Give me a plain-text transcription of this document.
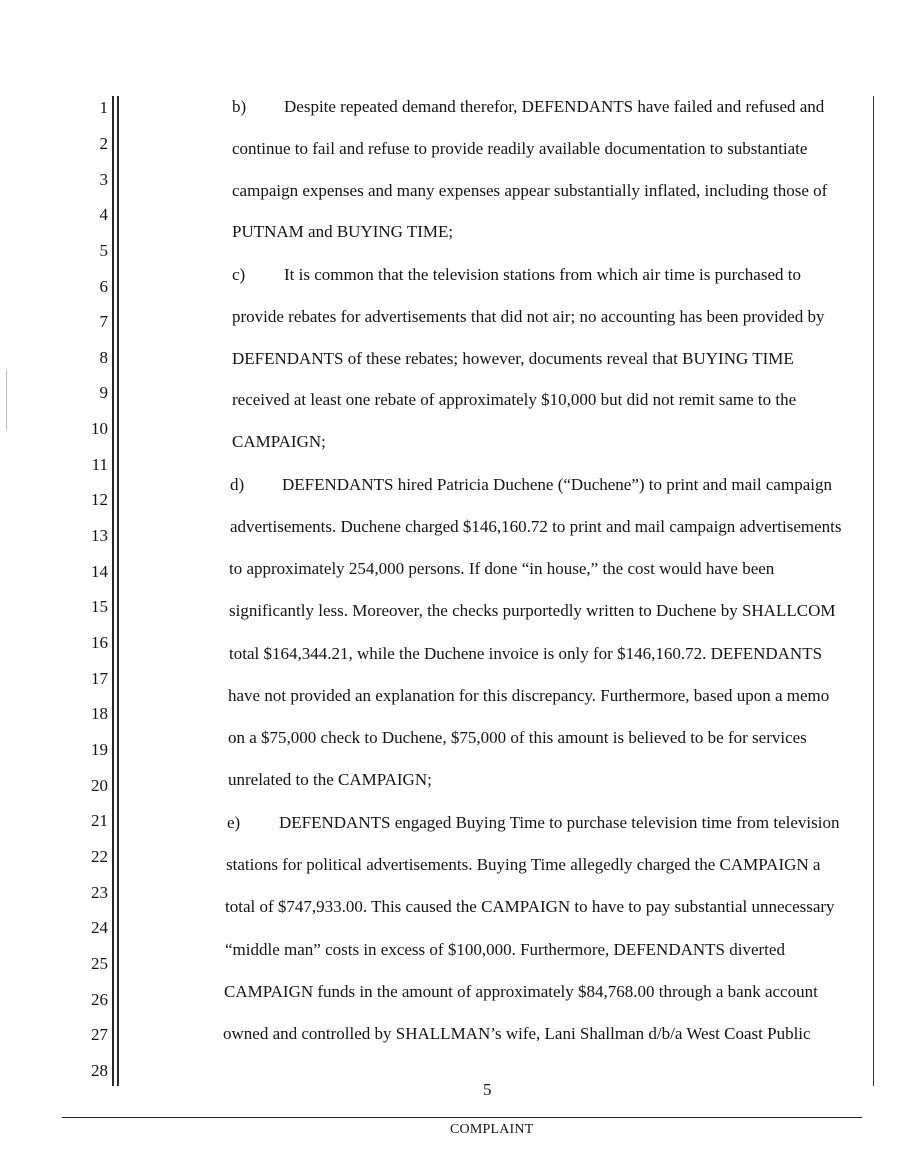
1
2
3
4
5
6
7
8
9
10
11
12
13
14
15
16
17
18
19
20
21
22
23
24
25
26
27
28
b) Despite repeated demand therefor, DEFENDANTS have failed and refused and
continue to fail and refuse to provide readily available documentation to substantiate
campaign expenses and many expenses appear substantially inflated, including those of
PUTNAM and BUYING TIME;
c) It is common that the television stations from which air time is purchased to
provide rebates for advertisements that did not air; no accounting has been provided by
DEFENDANTS of these rebates; however, documents reveal that BUYING TIME
received at least one rebate of approximately $10,000 but did not remit same to the
CAMPAIGN;
d) DEFENDANTS hired Patricia Duchene (“Duchene”) to print and mail campaign
advertisements. Duchene charged $146,160.72 to print and mail campaign advertisements
to approximately 254,000 persons. If done “in house,” the cost would have been
significantly less. Moreover, the checks purportedly written to Duchene by SHALLCOM
total $164,344.21, while the Duchene invoice is only for $146,160.72. DEFENDANTS
have not provided an explanation for this discrepancy. Furthermore, based upon a memo
on a $75,000 check to Duchene, $75,000 of this amount is believed to be for services
unrelated to the CAMPAIGN;
e) DEFENDANTS engaged Buying Time to purchase television time from television
stations for political advertisements. Buying Time allegedly charged the CAMPAIGN a
total of $747,933.00. This caused the CAMPAIGN to have to pay substantial unnecessary
“middle man” costs in excess of $100,000. Furthermore, DEFENDANTS diverted
CAMPAIGN funds in the amount of approximately $84,768.00 through a bank account
owned and controlled by SHALLMAN’s wife, Lani Shallman d/b/a West Coast Public
5
COMPLAINT
